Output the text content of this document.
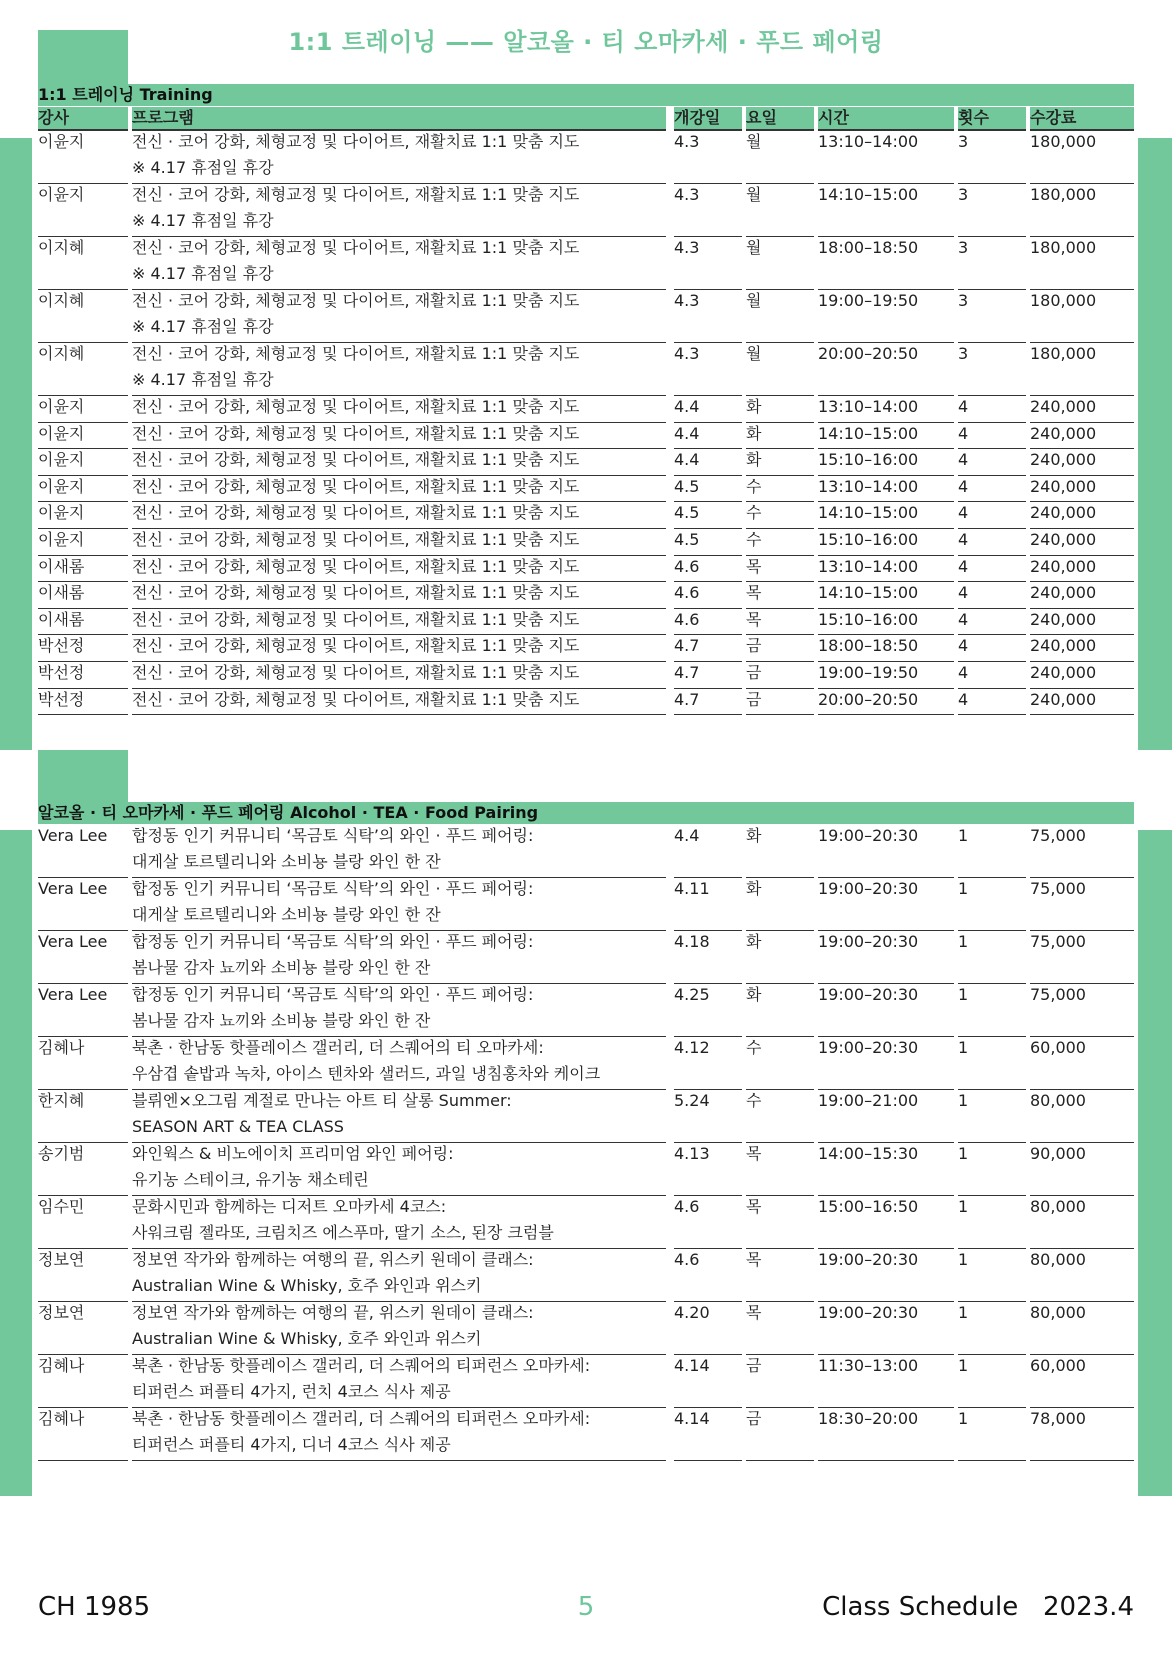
1:1 트레이닝 —— 알코올 · 티 오마카세 · 푸드 페어링
1:1 트레이닝 Training
강사	프로그램	개강일	요일	시간	횟수	수강료
이윤지	전신 · 코어 강화, 체형교정 및 다이어트, 재활치료 1:1 맞춤 지도
※ 4.17 휴점일 휴강
4.3	월	13:10–14:00	3	180,000
이윤지	전신 · 코어 강화, 체형교정 및 다이어트, 재활치료 1:1 맞춤 지도
※ 4.17 휴점일 휴강
4.3	월	14:10–15:00	3	180,000
이지혜	전신 · 코어 강화, 체형교정 및 다이어트, 재활치료 1:1 맞춤 지도
※ 4.17 휴점일 휴강
4.3	월	18:00–18:50	3	180,000
이지혜	전신 · 코어 강화, 체형교정 및 다이어트, 재활치료 1:1 맞춤 지도
※ 4.17 휴점일 휴강
4.3	월	19:00–19:50	3	180,000
이지혜	전신 · 코어 강화, 체형교정 및 다이어트, 재활치료 1:1 맞춤 지도
※ 4.17 휴점일 휴강
4.3	월	20:00–20:50	3	180,000
이윤지	전신 · 코어 강화, 체형교정 및 다이어트, 재활치료 1:1 맞춤 지도	4.4	화	13:10–14:00	4	240,000
이윤지	전신 · 코어 강화, 체형교정 및 다이어트, 재활치료 1:1 맞춤 지도	4.4	화	14:10–15:00	4	240,000
이윤지	전신 · 코어 강화, 체형교정 및 다이어트, 재활치료 1:1 맞춤 지도	4.4	화	15:10–16:00	4	240,000
이윤지	전신 · 코어 강화, 체형교정 및 다이어트, 재활치료 1:1 맞춤 지도	4.5	수	13:10–14:00	4	240,000
이윤지	전신 · 코어 강화, 체형교정 및 다이어트, 재활치료 1:1 맞춤 지도	4.5	수	14:10–15:00	4	240,000
이윤지	전신 · 코어 강화, 체형교정 및 다이어트, 재활치료 1:1 맞춤 지도	4.5	수	15:10–16:00	4	240,000
이새롬	전신 · 코어 강화, 체형교정 및 다이어트, 재활치료 1:1 맞춤 지도	4.6	목	13:10–14:00	4	240,000
이새롬	전신 · 코어 강화, 체형교정 및 다이어트, 재활치료 1:1 맞춤 지도	4.6	목	14:10–15:00	4	240,000
이새롬	전신 · 코어 강화, 체형교정 및 다이어트, 재활치료 1:1 맞춤 지도	4.6	목	15:10–16:00	4	240,000
박선정	전신 · 코어 강화, 체형교정 및 다이어트, 재활치료 1:1 맞춤 지도	4.7	금	18:00–18:50	4	240,000
박선정	전신 · 코어 강화, 체형교정 및 다이어트, 재활치료 1:1 맞춤 지도	4.7	금	19:00–19:50	4	240,000
박선정	전신 · 코어 강화, 체형교정 및 다이어트, 재활치료 1:1 맞춤 지도	4.7	금	20:00–20:50	4	240,000
알코올 · 티 오마카세 · 푸드 페어링 Alcohol · TEA · Food Pairing
Vera Lee	합정동 인기 커뮤니티 ‘목금토 식탁’의 와인 · 푸드 페어링:
대게살 토르텔리니와 소비뇽 블랑 와인 한 잔
4.4	화	19:00–20:30	1	75,000
Vera Lee	합정동 인기 커뮤니티 ‘목금토 식탁’의 와인 · 푸드 페어링:
대게살 토르텔리니와 소비뇽 블랑 와인 한 잔
4.11	화	19:00–20:30	1	75,000
Vera Lee	합정동 인기 커뮤니티 ‘목금토 식탁’의 와인 · 푸드 페어링:
봄나물 감자 뇨끼와 소비뇽 블랑 와인 한 잔
4.18	화	19:00–20:30	1	75,000
Vera Lee	합정동 인기 커뮤니티 ‘목금토 식탁’의 와인 · 푸드 페어링:
봄나물 감자 뇨끼와 소비뇽 블랑 와인 한 잔
4.25	화	19:00–20:30	1	75,000
김혜나	북촌 · 한남동 핫플레이스 갤러리, 더 스퀘어의 티 오마카세:
우삼겹 솥밥과 녹차, 아이스 텐차와 샐러드, 과일 냉침홍차와 케이크
4.12	수	19:00–20:30	1	60,000
한지혜	블뤼엔×오그림 계절로 만나는 아트 티 살롱 Summer:
SEASON ART & TEA CLASS
5.24	수	19:00–21:00	1	80,000
송기범	와인웍스 & 비노에이치 프리미엄 와인 페어링:
유기농 스테이크, 유기농 채소테린
4.13	목	14:00–15:30	1	90,000
임수민	문화시민과 함께하는 디저트 오마카세 4코스:
사워크림 젤라또, 크림치즈 에스푸마, 딸기 소스, 된장 크럼블
4.6	목	15:00–16:50	1	80,000
정보연	정보연 작가와 함께하는 여행의 끝, 위스키 원데이 클래스:
Australian Wine & Whisky, 호주 와인과 위스키
4.6	목	19:00–20:30	1	80,000
정보연	정보연 작가와 함께하는 여행의 끝, 위스키 원데이 클래스:
Australian Wine & Whisky, 호주 와인과 위스키
4.20	목	19:00–20:30	1	80,000
김혜나	북촌 · 한남동 핫플레이스 갤러리, 더 스퀘어의 티퍼런스 오마카세:
티퍼런스 퍼플티 4가지, 런치 4코스 식사 제공
4.14	금	11:30–13:00	1	60,000
김혜나	북촌 · 한남동 핫플레이스 갤러리, 더 스퀘어의 티퍼런스 오마카세:
티퍼런스 퍼플티 4가지, 디너 4코스 식사 제공
4.14	금	18:30–20:00	1	78,000
CH 1985	5	Class Schedule   2023.4
